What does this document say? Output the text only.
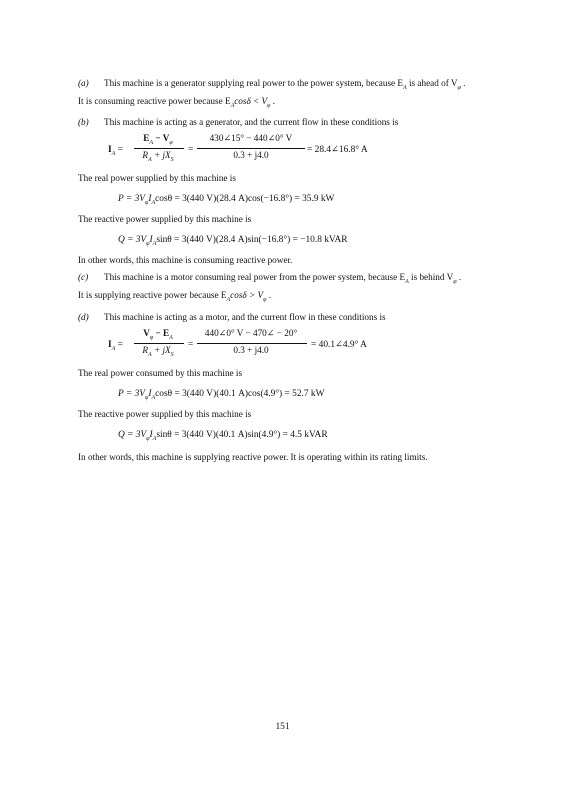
(a) This machine is a generator supplying real power to the power system, because $E_A$ is ahead of $V_\varphi$ .
It is consuming reactive power because $E_A\cos\delta < V_\varphi$ .
(b) This machine is acting as a generator, and the current flow in these conditions is
$I_A$ =
$E_A - V_\varphi$
$R_A + jX_S$
=
430∠15° − 440∠0° V
0.3 + j4.0	= 28.4∠16.8° A
The real power supplied by this machine is
$P = 3V_\varphi I_A\cos\theta = 3(440$ V)(28.4 A)cos(−16.8°) = 35.9 kW
The reactive power supplied by this machine is
$Q = 3V_\varphi I_A\sin\theta = 3(440$ V)(28.4 A)sin(−16.8°) = −10.8 kVAR
In other words, this machine is consuming reactive power.
(c) This machine is a motor consuming real power from the power system, because $E_A$ is behind $V_\varphi$ .
It is supplying reactive power because $E_A\cos\delta > V_\varphi$ .
(d) This machine is acting as a motor, and the current flow in these conditions is
$I_A$ =
$V_\varphi - E_A$
$R_A + jX_S$
=
440∠0° V − 470∠ − 20°
0.3 + j4.0	= 40.1∠4.9° A
The real power consumed by this machine is
$P = 3V_\varphi I_A\cos\theta = 3(440$ V)(40.1 A)cos(4.9°) = 52.7 kW
The reactive power supplied by this machine is
$Q = 3V_\varphi I_A\sin\theta = 3(440$ V)(40.1 A)sin(4.9°) = 4.5 kVAR
In other words, this machine is supplying reactive power. It is operating within its rating limits.
151
